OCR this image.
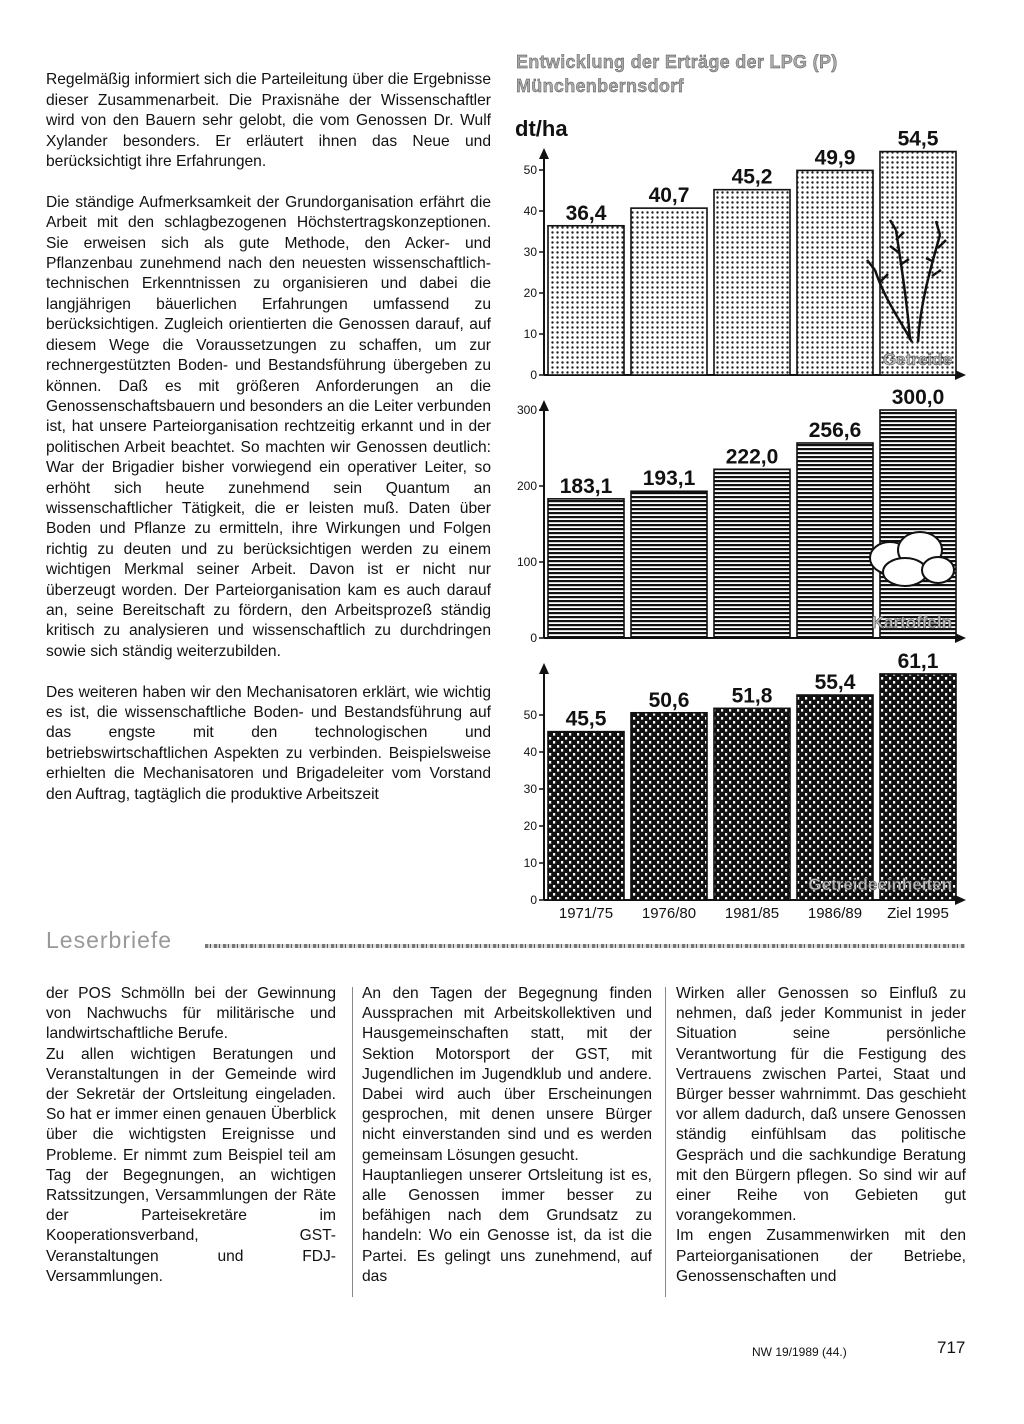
Regelmäßig informiert sich die Parteileitung über die Ergebnisse dieser Zusammenarbeit. Die Praxisnähe der Wissenschaftler wird von den Bauern sehr gelobt, die vom Genossen Dr. Wulf Xylander besonders. Er erläutert ihnen das Neue und berücksichtigt ihre Erfahrungen.

Die ständige Aufmerksamkeit der Grundorganisation erfährt die Arbeit mit den schlagbezogenen Höchstertragskonzeptionen. Sie erweisen sich als gute Methode, den Acker- und Pflanzenbau zunehmend nach den neuesten wissenschaftlich-technischen Erkenntnissen zu organisieren und dabei die langjährigen bäuerlichen Erfahrungen umfassend zu berücksichtigen. Zugleich orientierten die Genossen darauf, auf diesem Wege die Voraussetzungen zu schaffen, um zur rechnergestützten Boden- und Bestandsführung übergeben zu können. Daß es mit größeren Anforderungen an die Genossenschaftsbauern und besonders an die Leiter verbunden ist, hat unsere Parteiorganisation rechtzeitig erkannt und in der politischen Arbeit beachtet. So machten wir Genossen deutlich: War der Brigadier bisher vorwiegend ein operativer Leiter, so erhöht sich heute zunehmend sein Quantum an wissenschaftlicher Tätigkeit, die er leisten muß. Daten über Boden und Pflanze zu ermitteln, ihre Wirkungen und Folgen richtig zu deuten und zu berücksichtigen werden zu einem wichtigen Merkmal seiner Arbeit. Davon ist er nicht nur überzeugt worden. Der Parteiorganisation kam es auch darauf an, seine Bereitschaft zu fördern, den Arbeitsprozeß ständig kritisch zu analysieren und wissenschaftlich zu durchdringen sowie sich ständig weiterzubilden.

Des weiteren haben wir den Mechanisatoren erklärt, wie wichtig es ist, die wissenschaftliche Boden- und Bestandsführung auf das engste mit den technologischen und betriebswirtschaftlichen Aspekten zu verbinden. Beispielsweise erhielten die Mechanisatoren und Brigadeleiter vom Vorstand den Auftrag, tagtäglich die produktive Arbeitszeit

Entwicklung der Erträge der LPG (P) Münchenbernsdorf
dt/ha
0
10
20
30
40
50
36,4
40,7
45,2
49,9
54,5
Getreide
0
100
200
300
183,1 193,1
222,0
256,6
300,0
Kartoffeln
0
10
20
30
40
50 45,5
50,6 51,8
55,4
61,1
Getreideeinheiten
1971/75 1976/80 1981/85 1986/89 Ziel 1995
Leserbriefe
der POS Schmölln bei der Gewinnung von Nachwuchs für militärische und landwirtschaftliche Berufe.
Zu allen wichtigen Beratungen und Veranstaltungen in der Gemeinde wird der Sekretär der Ortsleitung eingeladen. So hat er immer einen genauen Überblick über die wichtigsten Ereignisse und Probleme. Er nimmt zum Beispiel teil am Tag der Begegnungen, an wichtigen Ratssitzungen, Versammlungen der Räte der Parteisekretäre im Kooperationsverband, GST-Veranstaltungen und FDJ-Versammlungen.
An den Tagen der Begegnung finden Aussprachen mit Arbeitskollektiven und Hausgemeinschaften statt, mit der Sektion Motorsport der GST, mit Jugendlichen im Jugendklub und andere. Dabei wird auch über Erscheinungen gesprochen, mit denen unsere Bürger nicht einverstanden sind und es werden gemeinsam Lösungen gesucht.
Hauptanliegen unserer Ortsleitung ist es, alle Genossen immer besser zu befähigen nach dem Grundsatz zu handeln: Wo ein Genosse ist, da ist die Partei. Es gelingt uns zunehmend, auf das
Wirken aller Genossen so Einfluß zu nehmen, daß jeder Kommunist in jeder Situation seine persönliche Verantwortung für die Festigung des Vertrauens zwischen Partei, Staat und Bürger besser wahrnimmt. Das geschieht vor allem dadurch, daß unsere Genossen ständig einfühlsam das politische Gespräch und die sachkundige Beratung mit den Bürgern pflegen. So sind wir auf einer Reihe von Gebieten gut vorangekommen.
Im engen Zusammenwirken mit den Parteiorganisationen der Betriebe, Genossenschaften und
NW 19/1989 (44.)	717
